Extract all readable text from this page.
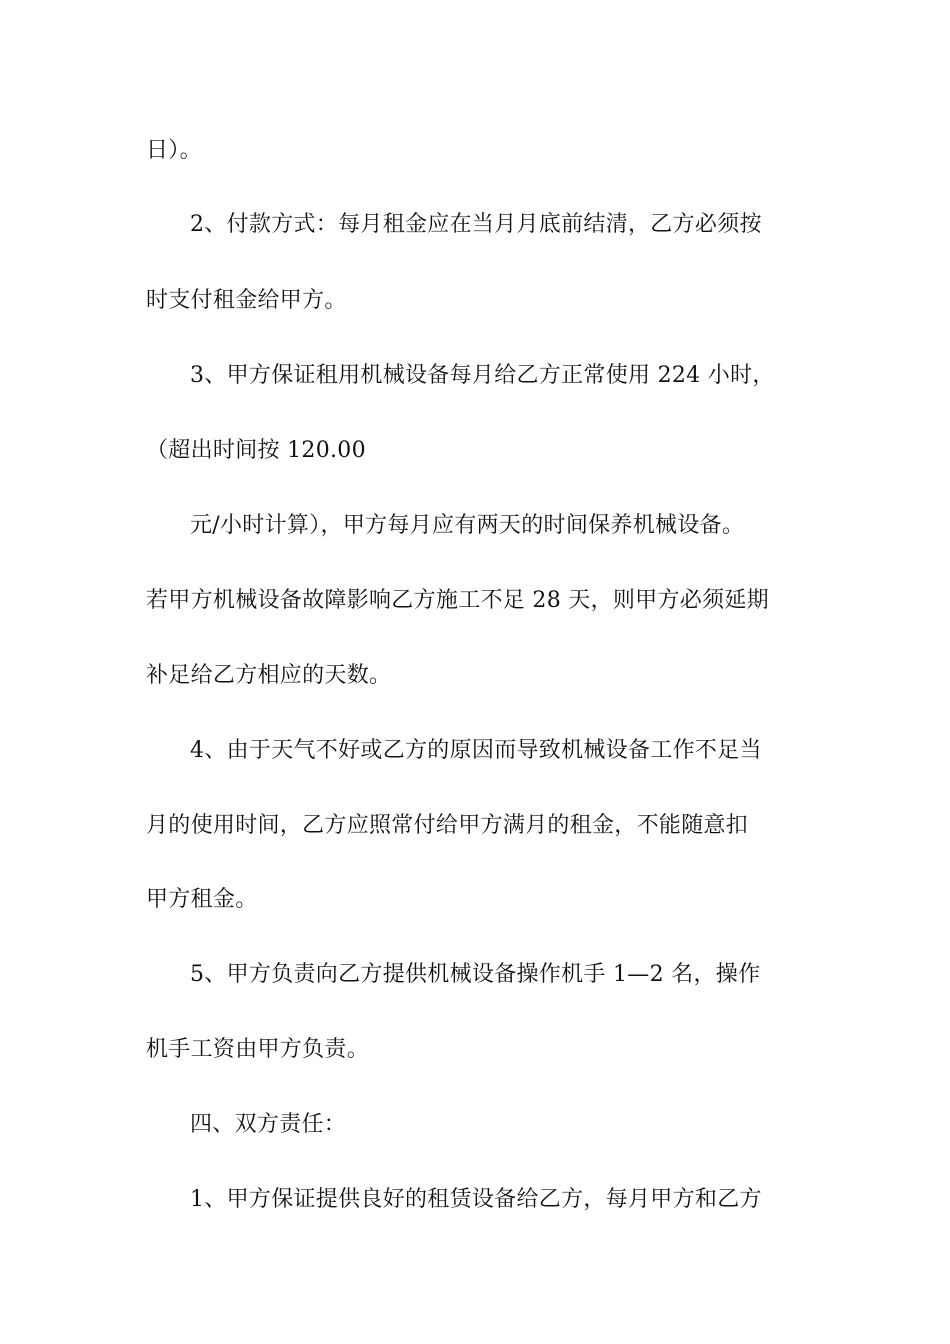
日）。
2、付款方式：每月租金应在当月月底前结清，乙方必须按
时支付租金给甲方。
3、甲方保证租用机械设备每月给乙方正常使用 224 小时，
（超出时间按 120.00
元/小时计算），甲方每月应有两天的时间保养机械设备。
若甲方机械设备故障影响乙方施工不足 28 天，则甲方必须延期
补足给乙方相应的天数。
4、由于天气不好或乙方的原因而导致机械设备工作不足当
月的使用时间，乙方应照常付给甲方满月的租金，不能随意扣
甲方租金。
5、甲方负责向乙方提供机械设备操作机手 1—2 名，操作
机手工资由甲方负责。
四、双方责任：
1、甲方保证提供良好的租赁设备给乙方，每月甲方和乙方
